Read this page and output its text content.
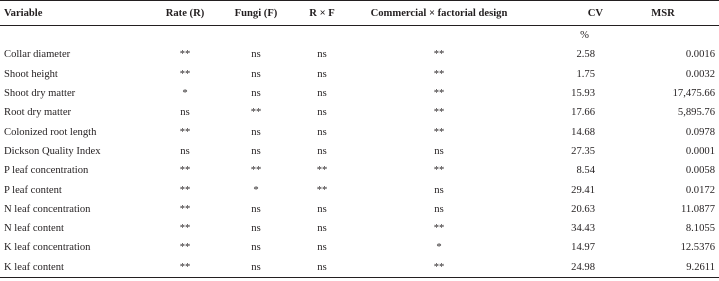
Variable	Rate (R)	Fungi (F)	R × F	Commercial × factorial design	CV	MSR
					%	
Collar diameter	**	ns	ns	**	2.58	0.0016
Shoot height	**	ns	ns	**	1.75	0.0032
Shoot dry matter	*	ns	ns	**	15.93	17,475.66
Root dry matter	ns	**	ns	**	17.66	5,895.76
Colonized root length	**	ns	ns	**	14.68	0.0978
Dickson Quality Index	ns	ns	ns	ns	27.35	0.0001
P leaf concentration	**	**	**	**	8.54	0.0058
P leaf content	**	*	**	ns	29.41	0.0172
N leaf concentration	**	ns	ns	ns	20.63	11.0877
N leaf content	**	ns	ns	**	34.43	8.1055
K leaf concentration	**	ns	ns	*	14.97	12.5376
K leaf content	**	ns	ns	**	24.98	9.2611
